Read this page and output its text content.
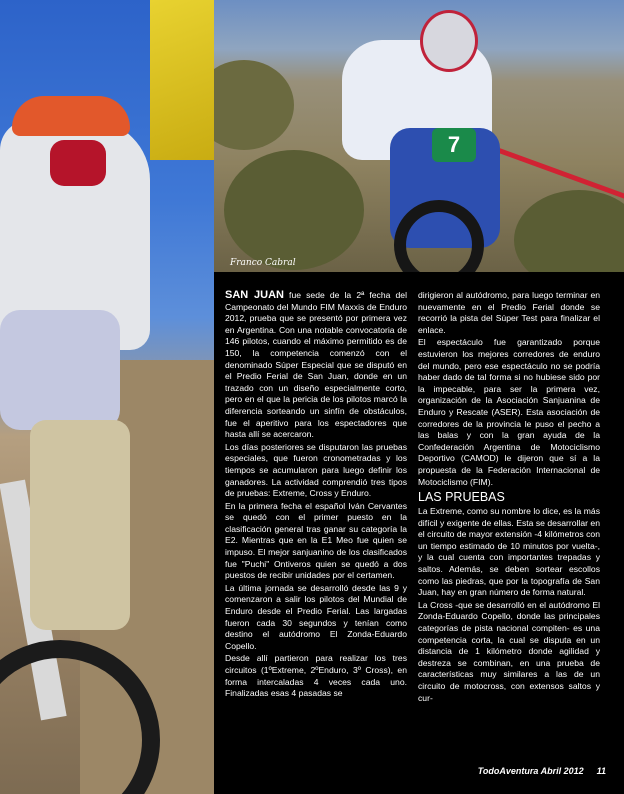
7
Franco Cabral

SAN JUAN fue sede de la 2ª fecha del Campeonato del Mundo FIM Maxxis de Enduro 2012, prueba que se presentó por primera vez en Argentina. Con una notable convocatoria de 146 pilotos, cuando el máximo permitido es de 150, la competencia comenzó con el denominado Súper Especial que se disputó en el Predio Ferial de San Juan, donde en un trazado con un diseño especialmente corto, pero en el que la pericia de los pilotos marcó la diferencia sorteando un sinfín de obstáculos, fue el aperitivo para los espectadores que hasta allí se acercaron.

Los días posteriores se disputaron las pruebas especiales, que fueron cronometradas y los tiempos se acumularon para luego definir los ganadores. La actividad comprendió tres tipos de pruebas: Extreme, Cross y Enduro.

En la primera fecha el español Iván Cervantes se quedó con el primer puesto en la clasificación general tras ganar su categoría la E2. Mientras que en la E1 Meo fue quien se impuso. El mejor sanjuanino de los clasificados fue "Puchi" Ontiveros quien se quedó a dos puestos de recibir unidades por el certamen.

La última jornada se desarrolló desde las 9 y comenzaron a salir los pilotos del Mundial de Enduro desde el Predio Ferial. Las largadas fueron cada 30 segundos y tenían como destino el autódromo El Zonda-Eduardo Copello.

Desde allí partieron para realizar los tres circuitos (1ºExtreme, 2ºEnduro, 3º Cross), en forma intercaladas 4 veces cada uno. Finalizadas esas 4 pasadas se

dirigieron al autódromo, para luego terminar en nuevamente en el Predio Ferial donde se recorrió la pista del Súper Test para finalizar el enlace.

El espectáculo fue garantizado porque estuvieron los mejores corredores de enduro del mundo, pero ese espectáculo no se podría haber dado de tal forma si no hubiese sido por la impecable, para ser la primera vez, organización de la Asociación Sanjuanina de Enduro y Rescate (ASER). Esta asociación de corredores de la provincia le puso el pecho a las balas y con la gran ayuda de la Confederación Argentina de Motociclismo Deportivo (CAMOD) le dijeron que sí a la propuesta de la Federación Internacional de Motociclismo (FIM).

LAS PRUEBAS

La Extreme, como su nombre lo dice, es la más difícil y exigente de ellas. Esta se desarrollar en el circuito de mayor extensión -4 kilómetros con un tiempo estimado de 10 minutos por vuelta-, y la cual cuenta con importantes trepadas y saltos. Además, se deben sortear escollos como las piedras, que por la topografía de San Juan, hay en gran número de forma natural.

La Cross -que se desarrolló en el autódromo El Zonda-Eduardo Copello, donde las principales categorías de pista nacional compiten- es una competencia corta, la cual se disputa en un distancia de 1 kilómetro donde agilidad y destreza se combinan, en una prueba de características muy similares a las de un circuito de motocross, con extensos saltos y cur-

TodoAventura Abril 2012 11
